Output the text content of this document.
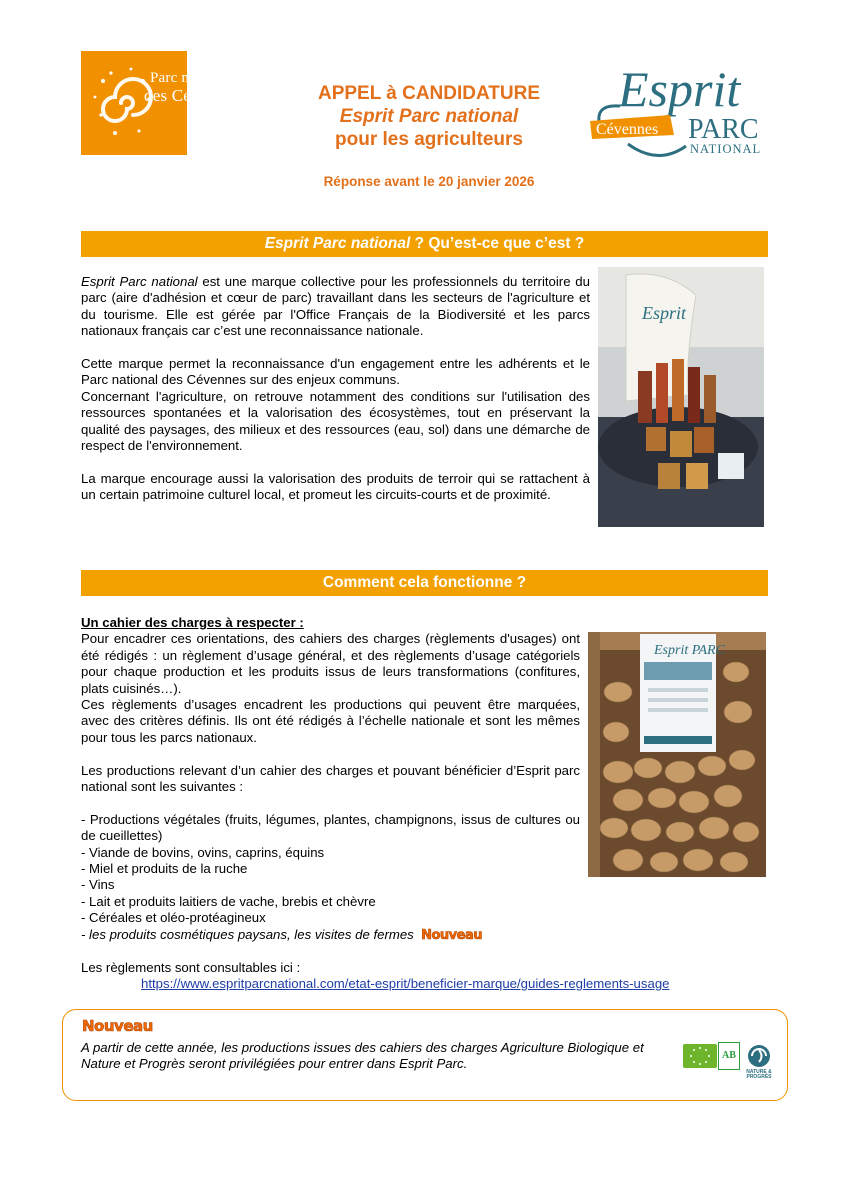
Parc national
des Cévennes	APPEL à CANDIDATURE
Esprit Parc national
pour les agriculteurs
Réponse avant le 20 janvier 2026
Esprit
Cévennes PARC
NATIONAL
Esprit Parc national ? Qu’est-ce que c’est ?

Esprit Parc national est une marque collective pour les professionnels du territoire du parc (aire d'adhésion et cœur de parc) travaillant dans les secteurs de l'agriculture et du tourisme. Elle est gérée par l'Office Français de la Biodiversité et les parcs nationaux français car c’est une reconnaissance nationale.

Cette marque permet la reconnaissance d'un engagement entre les adhérents et le Parc national des Cévennes sur des enjeux communs.

Concernant l'agriculture, on retrouve notamment des conditions sur l'utilisation des ressources spontanées et la valorisation des écosystèmes, tout en préservant la qualité des paysages, des milieux et des ressources (eau, sol) dans une démarche de respect de l'environnement.

La marque encourage aussi la valorisation des produits de terroir qui se rattachent à un certain patrimoine culturel local, et promeut les circuits-courts et de proximité.

Esprit
Comment cela fonctionne ?

Un cahier des charges à respecter :

Pour encadrer ces orientations, des cahiers des charges (règlements d'usages) ont été rédigés : un règlement d’usage général, et des règlements d’usage catégoriels pour chaque production et les produits issus de leurs transformations (confitures, plats cuisinés…).

Ces règlements d’usages encadrent les productions qui peuvent être marquées, avec des critères définis. Ils ont été rédigés à l’échelle nationale et sont les mêmes pour tous les parcs nationaux.

Les productions relevant d’un cahier des charges et pouvant bénéficier d’Esprit parc national sont les suivantes :

- Productions végétales (fruits, légumes, plantes, champignons, issus de cultures ou de cueillettes)
- Viande de bovins, ovins, caprins, équins
- Miel et produits de la ruche
- Vins
- Lait et produits laitiers de vache, brebis et chèvre
- Céréales et oléo-protéagineux
- les produits cosmétiques paysans, les visites de fermes Nouveau

Les règlements sont consultables ici :

Esprit PARC
https://www.espritparcnational.com/etat-esprit/beneficier-marque/guides-reglements-usage
Nouveau
A partir de cette année, les productions issues des cahiers des charges Agriculture Biologique et Nature et Progrès seront privilégiées pour entrer dans Esprit Parc.
AB
NATURE & PROGRÈS
